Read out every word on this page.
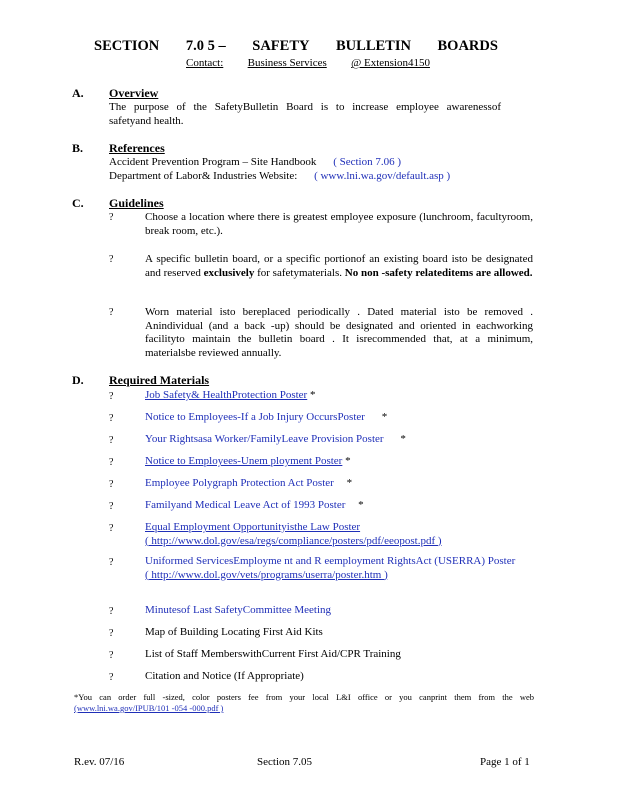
SECTION 7.0 5 – SAFETY BULLETIN BOARDS
Contact: Business Services @ Extension4150
A. Overview
The purpose of the SafetyBulletin Board is to increase employee awarenessof
safetyand health.
B. References
Accident Prevention Program – Site Handbook ( Section 7.06 )
Department of Labor& Industries Website: ( www.lni.wa.gov/default.asp )
C. Guidelines
?	Choose a location where there is greatest employee exposure (lunchroom, facultyroom, break room, etc.).
?	A specific bulletin board, or a specific portionof an existing board isto be designated and reserved exclusively for safetymaterials. No non -safety relateditems are allowed.
?	Worn material isto bereplaced periodically . Dated material isto be removed . Anindividual (and a back -up) should be designated and oriented in eachworking facilityto maintain the bulletin board . It isrecommended that, at a minimum, materialsbe reviewed annually.
D. Required Materials
?	Job Safety& HealthProtection Poster *
?	Notice to Employees-If a Job Injury OccursPoster *
?	Your Rightsasa Worker/FamilyLeave Provision Poster *
?	Notice to Employees-Unem ployment Poster *
?	Employee Polygraph Protection Act Poster *
?	Familyand Medical Leave Act of 1993 Poster *
?	Equal Employment Opportunityisthe Law Poster
( http://www.dol.gov/esa/regs/compliance/posters/pdf/eeopost.pdf )
?	Uniformed ServicesEmployme nt and R eemployment RightsAct (USERRA) Poster
( http://www.dol.gov/vets/programs/userra/poster.htm )
?	Minutesof Last SafetyCommittee Meeting
?	Map of Building Locating First Aid Kits
?	List of Staff MemberswithCurrent First Aid/CPR Training
?	Citation and Notice (If Appropriate)
*You can order full -sized, color posters fee from your local L&I office or you canprint them from the web
(www.lni.wa.gov/IPUB/101 -054 -000.pdf )
R.ev. 07/16	Section 7.05	Page 1 of 1
